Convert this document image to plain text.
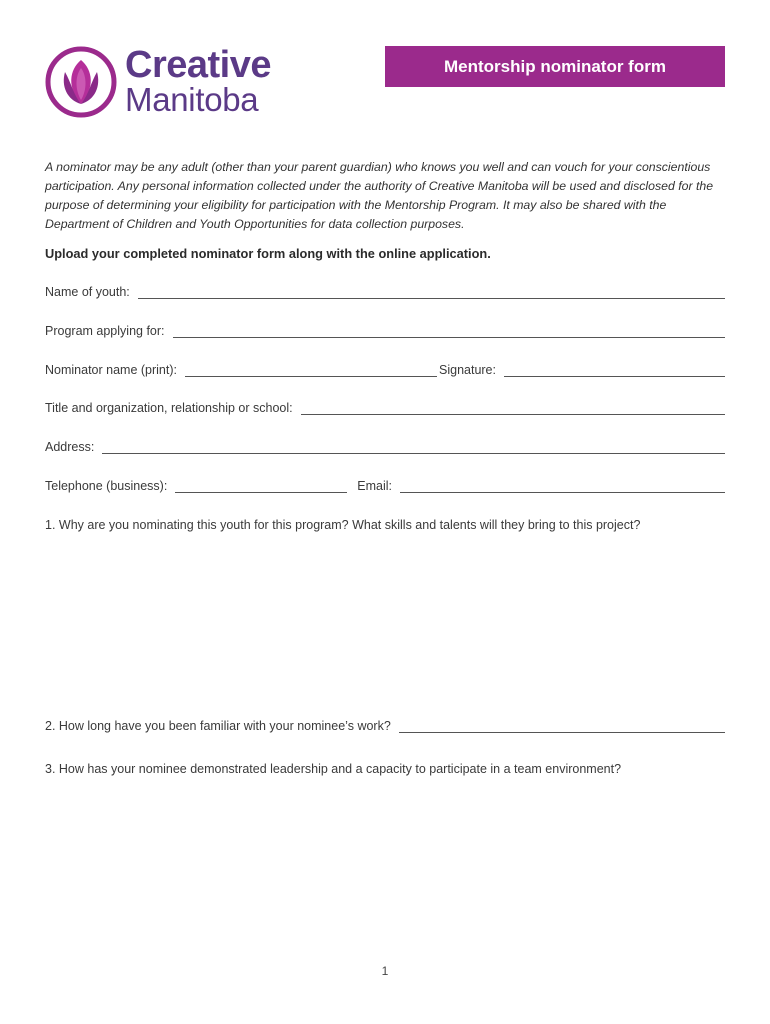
Creative
Manitoba
Mentorship nominator form
A nominator may be any adult (other than your parent guardian) who knows you well and can vouch for your conscientious participation. Any personal information collected under the authority of Creative Manitoba will be used and disclosed for the purpose of determining your eligibility for participation with the Mentorship Program. It may also be shared with the Department of Children and Youth Opportunities for data collection purposes.
Upload your completed nominator form along with the online application.
Name of youth:
Program applying for:
Nominator name (print):	Signature:
Title and organization, relationship or school:
Address:
Telephone (business):	Email:
1. Why are you nominating this youth for this program? What skills and talents will they bring to this project?
2. How long have you been familiar with your nominee’s work?
3. How has your nominee demonstrated leadership and a capacity to participate in a team environment?
1
